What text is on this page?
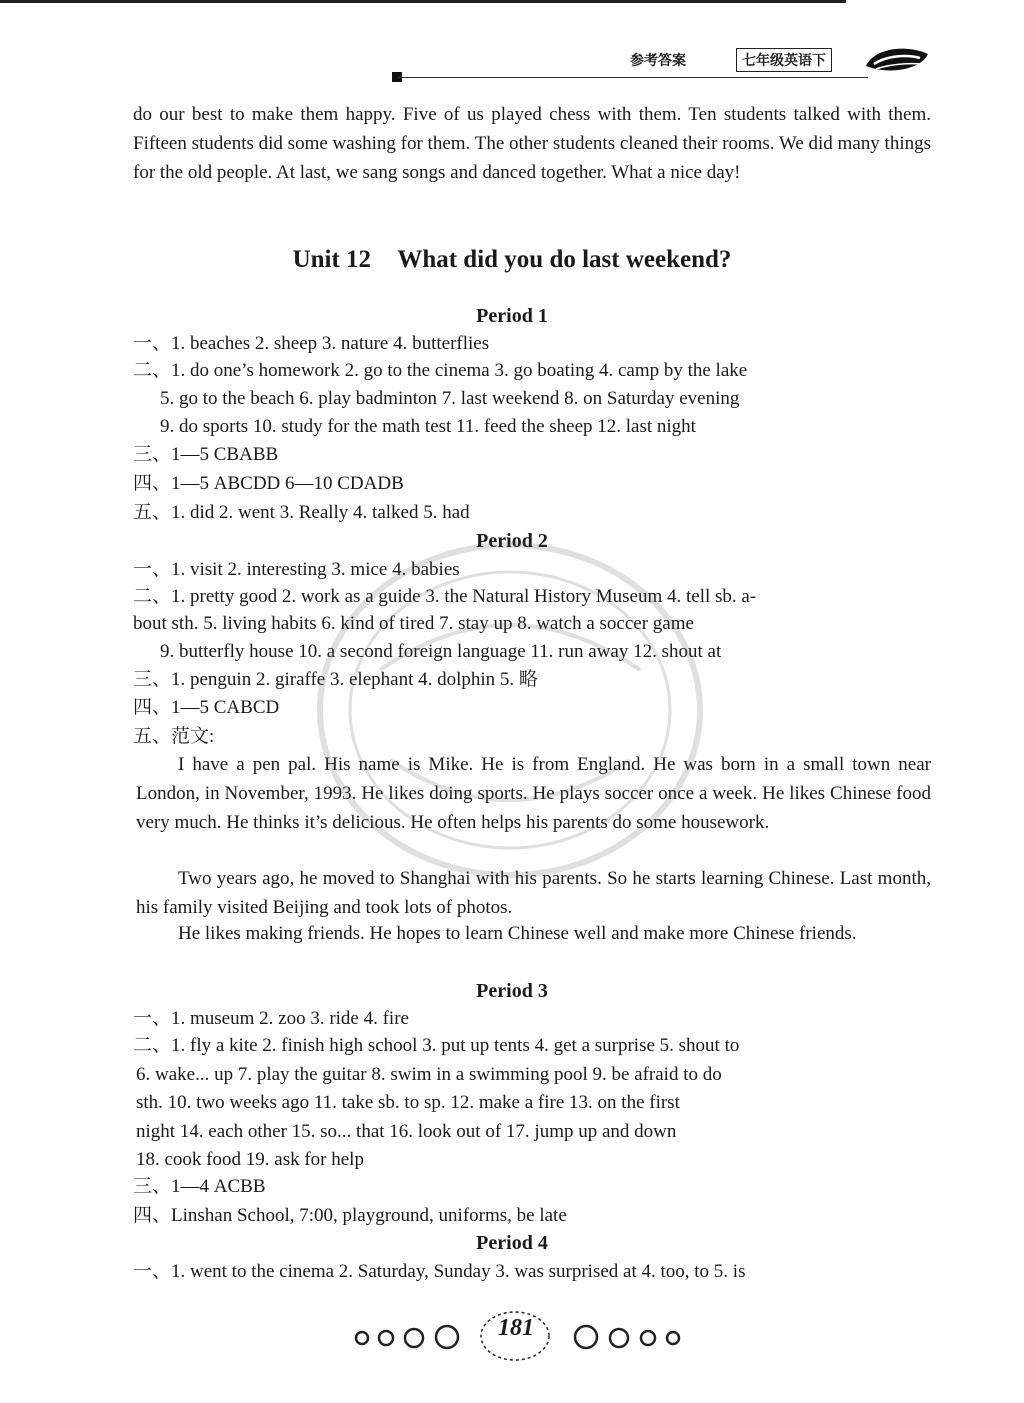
参考答案	七年级英语下
do our best to make them happy. Five of us played chess with them. Ten students talked with them. Fifteen students did some washing for them. The other students cleaned their rooms. We did many things for the old people. At last, we sang songs and danced together. What a nice day!
Unit 12 What did you do last weekend?
Period 1
一、1. beaches 2. sheep 3. nature 4. butterflies
二、1. do one’s homework 2. go to the cinema 3. go boating 4. camp by the lake
5. go to the beach 6. play badminton 7. last weekend 8. on Saturday evening
9. do sports 10. study for the math test 11. feed the sheep 12. last night
三、1—5 CBABB
四、1—5 ABCDD 6—10 CDADB
五、1. did 2. went 3. Really 4. talked 5. had
Period 2
一、1. visit 2. interesting 3. mice 4. babies
二、1. pretty good 2. work as a guide 3. the Natural History Museum 4. tell sb. a-
bout sth. 5. living habits 6. kind of tired 7. stay up 8. watch a soccer game
9. butterfly house 10. a second foreign language 11. run away 12. shout at
三、1. penguin 2. giraffe 3. elephant 4. dolphin 5. 略
四、1—5 CABCD
五、范文:
I have a pen pal. His name is Mike. He is from England. He was born in a small town near London, in November, 1993. He likes doing sports. He plays soccer once a week. He likes Chinese food very much. He thinks it’s delicious. He often helps his parents do some housework.
Two years ago, he moved to Shanghai with his parents. So he starts learning Chinese. Last month, his family visited Beijing and took lots of photos.
He likes making friends. He hopes to learn Chinese well and make more Chinese friends.
Period 3
一、1. museum 2. zoo 3. ride 4. fire
二、1. fly a kite 2. finish high school 3. put up tents 4. get a surprise 5. shout to
6. wake... up 7. play the guitar 8. swim in a swimming pool 9. be afraid to do
sth. 10. two weeks ago 11. take sb. to sp. 12. make a fire 13. on the first
night 14. each other 15. so... that 16. look out of 17. jump up and down
18. cook food 19. ask for help
三、1—4 ACBB
四、Linshan School, 7:00, playground, uniforms, be late
Period 4
一、1. went to the cinema 2. Saturday, Sunday 3. was surprised at 4. too, to 5. is
181
